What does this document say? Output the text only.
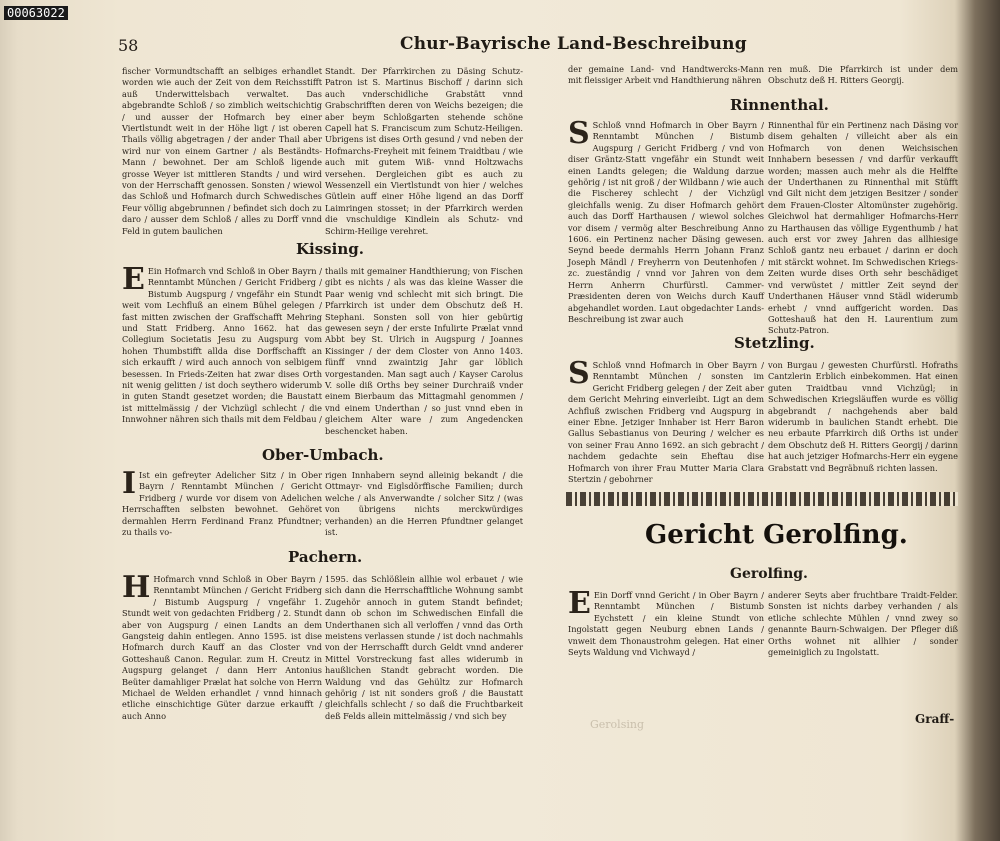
00063022
58	Chur-Bayrische Land-Beschreibung

fischer Vormundtschafft an selbiges erhandlet worden wie auch der Zeit von dem Reichsstifft auß Underwittelsbach verwaltet. Das abgebrandte Schloß / so zimblich weitschichtig / und ausser der Hofmarch bey einer Viertlstundt weit in der Höhe ligt / ist oberen Thails völlig abgetragen / der ander Thail aber wird nur von einem Gartner / als Beständts-Mann / bewohnet. Der am Schloß ligende grosse Weyer ist mittleren Standts / und wird von der Herrschafft genossen. Sonsten / wiewol das Schloß und Hofmarch durch Schwedisches Feur völlig abgebrunnen / befindet sich doch zu daro / ausser dem Schloß / alles zu Dorff vnnd Feld in gutem baulichen

Standt. Der Pfarrkirchen zu Däsing Schutz-Patron ist S. Martinus Bischoff / darinn sich auch vnderschidliche Grabstätt vnnd Grabschrifften deren von Weichs bezeigen; die aber beym Schloßgarten stehende schöne Capell hat S. Franciscum zum Schutz-Heiligen. Ubrigens ist dises Orth gesund / vnd neben der Hofmarchs-Freyheit mit feinem Traidtbau / wie auch mit gutem Wiß- vnnd Holtzwachs versehen. Dergleichen gibt es auch zu Wessenzell ein Viertlstundt von hier / welches Gütlein auff einer Höhe ligend an das Dorff Laimringen stosset; in der Pfarrkirch werden die vnschuldige Kindlein als Schutz- vnd Schirm-Heilige verehret.

Kissing.
E Ein Hofmarch vnd Schloß in Ober Bayrn / Renntambt München / Gericht Fridberg / Bistumb Augspurg / vngefähr ein Stundt weit vom Lechfluß an einem Bühel gelegen / fast mitten zwischen der Graffschafft Mehring und Statt Fridberg. Anno 1662. hat das Collegium Societatis Jesu zu Augspurg vom hohen Thumbstifft allda dise Dorffschafft an sich erkaufft / wird auch annoch von selbigem besessen. In Frieds-Zeiten hat zwar dises Orth nit wenig gelitten / ist doch seythero widerumb in guten Standt gesetzet worden; die Baustatt ist mittelmässig / der Vichzügl schlecht / die Innwohner nähren sich thails mit dem Feldbau /

thails mit gemainer Handthierung; von Fischen gibt es nichts / als was das kleine Wasser die Paar wenig vnd schlecht mit sich bringt. Die Pfarrkirch ist under dem Obschutz deß H. Stephani. Sonsten soll von hier gebürtig gewesen seyn / der erste Infulirte Prælat vnnd Abbt bey St. Ulrich in Augspurg / Joannes Kissinger / der dem Closter von Anno 1403. fünff vnnd zwaintzig Jahr gar löblich vorgestanden. Man sagt auch / Kayser Carolus V. solle diß Orths bey seiner Durchraiß vnder einem Bierbaum das Mittagmahl genommen / vnd einem Underthan / so just vnnd eben in gleichem Alter ware / zum Angedencken beschencket haben.

Ober-Umbach.
I Ist ein gefreyter Adelicher Sitz / in Ober Bayrn / Renntambt München / Gericht Fridberg / wurde vor disem von Adelichen Herrschafften selbsten bewohnet. Gehöret dermahlen Herrn Ferdinand Franz Pfundtner; zu thails vo-

rigen Innhabern seynd alleinig bekandt / die Ottmayr- vnd Eiglsdörffische Familien; durch welche / als Anverwandte / solcher Sitz / (was von übrigens nichts merckwürdiges verhanden) an die Herren Pfundtner gelanget ist.

Pachern.
H Hofmarch vnnd Schloß in Ober Bayrn / Renntambt München / Gericht Fridberg / Bistumb Augspurg / vngefähr 1. Stundt weit von gedachten Fridberg / 2. Stundt aber von Augspurg / einen Landts an dem Gangsteig dahin entlegen. Anno 1595. ist dise Hofmarch durch Kauff an das Closter vnd Gotteshauß Canon. Regular. zum H. Creutz in Augspurg gelanget / dann Herr Antonius Beüter damahliger Prælat hat solche von Herrn Michael de Welden erhandlet / vnnd hinnach etliche einschichtige Güter darzue erkaufft / auch Anno

1595. das Schlößlein allhie wol erbauet / wie sich dann die Herrschafftliche Wohnung sambt Zugehör annoch in gutem Standt befindet; dann ob schon im Schwedischen Einfall die Underthanen sich all verloffen / vnnd das Orth meistens verlassen stunde / ist doch nachmahls von der Herrschafft durch Geldt vnnd anderer Mittel Vorstreckung fast alles widerumb in haußlichen Standt gebracht worden. Die Waldung vnd das Gehültz zur Hofmarch gehörig / ist nit sonders groß / die Baustatt gleichfalls schlecht / so daß die Fruchtbarkeit deß Felds allein mittelmässig / vnd sich bey

der gemaine Land- vnd Handtwercks-Mann mit fleissiger Arbeit vnd Handthierung nähren

ren muß. Die Pfarrkirch ist under dem Obschutz deß H. Ritters Georgij.

Rinnenthal.
S Schloß vnnd Hofmarch in Ober Bayrn / Renntambt München / Bistumb Augspurg / Gericht Fridberg / vnd von diser Gräntz-Statt vngefähr ein Stundt weit einen Landts gelegen; die Waldung darzue gehörig / ist nit groß / der Wildbann / wie auch die Fischerey schlecht / der Vichzügl gleichfalls wenig. Zu diser Hofmarch gehört auch das Dorff Harthausen / wiewol solches vor disem / vermög alter Beschreibung Anno 1606. ein Pertinenz nacher Däsing gewesen. Seynd beede dermahls Herrn Johann Franz Joseph Mändl / Freyherrn von Deutenhofen / zc. zueständig / vnnd vor Jahren von dem Herrn Anherrn Churfürstl. Cammer-Præsidenten deren von Weichs durch Kauff abgehandlet worden. Laut obgedachter Lands-Beschreibung ist zwar auch

Rinnenthal für ein Pertinenz nach Däsing vor disem gehalten / villeicht aber als ein Hofmarch von denen Weichsischen Innhabern besessen / vnd darfür verkaufft worden; massen auch mehr als die Helffte der Underthanen zu Rinnenthal mit Stüfft vnd Gilt nicht dem jetzigen Besitzer / sonder dem Frauen-Closter Altomünster zugehörig. Gleichwol hat dermahliger Hofmarchs-Herr zu Harthausen das völlige Eygenthumb / hat auch erst vor zwey Jahren das allhiesige Schloß gantz neu erbauet / darinn er doch mit stärckt wohnet. Im Schwedischen Kriegs-Zeiten wurde dises Orth sehr beschädiget vnd verwüstet / mittler Zeit seynd der Underthanen Häuser vnnd Städl widerumb erhebt / vnnd auffgericht worden. Das Gotteshauß hat den H. Laurentium zum Schutz-Patron.

Stetzling.
S Schloß vnnd Hofmarch in Ober Bayrn / Renntambt München / sonsten im Gericht Fridberg gelegen / der Zeit aber dem Gericht Mehring einverleibt. Ligt an dem Achfluß zwischen Fridberg vnd Augspurg in einer Ebne. Jetziger Innhaber ist Herr Baron Gallus Sebastianus von Deuring / welcher es von seiner Frau Anno 1692. an sich gebracht / nachdem gedachte sein Eheftau dise Hofmarch von ihrer Frau Mutter Maria Clara Stertzin / gebohrner

von Burgau / gewesten Churfürstl. Hofraths Cantzlerin Erblich einbekommen. Hat einen guten Traidtbau vnnd Vichzügl; in Schwedischen Kriegsläuffen wurde es völlig abgebrandt / nachgehends aber bald widerumb in baulichen Standt erhebt. Die neu erbaute Pfarrkirch diß Orths ist under dem Obschutz deß H. Ritters Georgij / darinn hat auch jetziger Hofmarchs-Herr ein eygene Grabstatt vnd Begräbnuß richten lassen.

Gericht Gerolfing.
Gerolfing.
E Ein Dorff vnnd Gericht / in Ober Bayrn / Renntambt München / Bistumb Eychstett / ein kleine Stundt von Ingolstatt gegen Neuburg ebnen Lands / vnweit dem Thonaustrohm gelegen. Hat einer Seyts Waldung vnd Vichwayd /

anderer Seyts aber fruchtbare Traidt-Felder. Sonsten ist nichts darbey verhanden / als etliche schlechte Mühlen / vnnd zwey so genannte Baurn-Schwaigen. Der Pfleger diß Orths wohnet nit allhier / sonder gemeiniglich zu Ingolstatt.

Gerolsing	Graff-
